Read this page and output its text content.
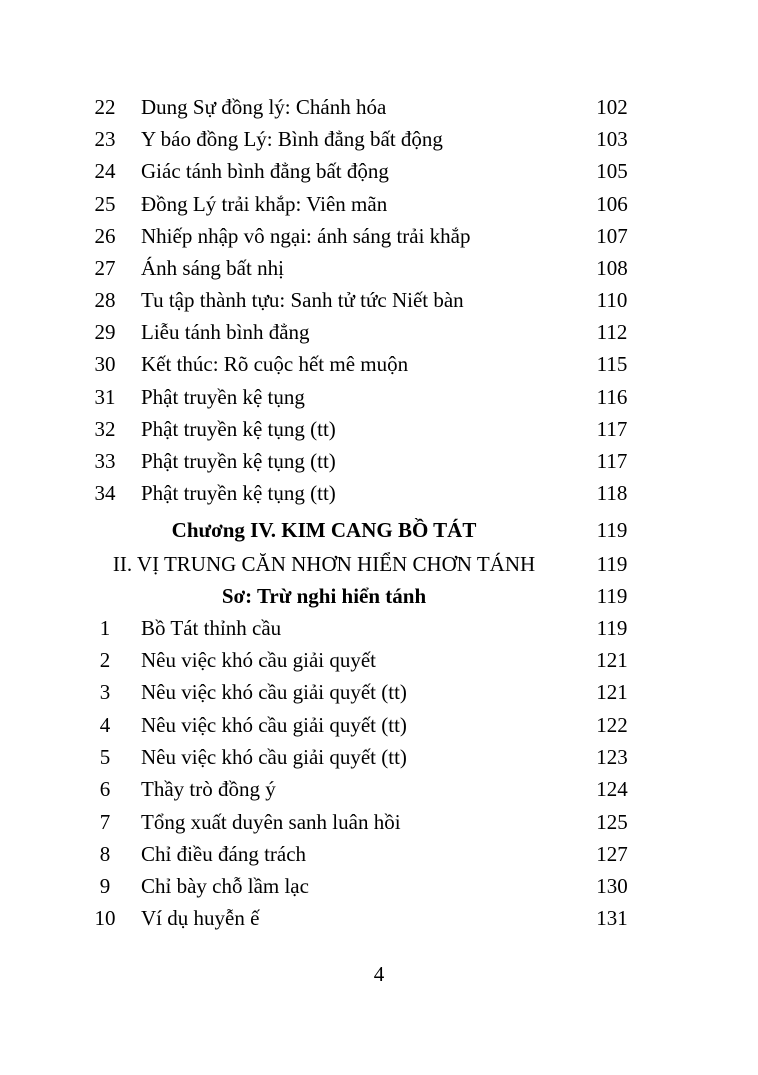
22	Dung Sự đồng lý: Chánh hóa	102
23	Y báo đồng Lý: Bình đẳng bất động	103
24	Giác tánh bình đẳng bất động	105
25	Đồng Lý trải khắp: Viên mãn	106
26	Nhiếp nhập vô ngại: ánh sáng trải khắp	107
27	Ánh sáng bất nhị	108
28	Tu tập thành tựu: Sanh tử tức Niết bàn	110
29	Liễu tánh bình đẳng	112
30	Kết thúc: Rõ cuộc hết mê muộn	115
31	Phật truyền kệ tụng	116
32	Phật truyền kệ tụng (tt)	117
33	Phật truyền kệ tụng (tt)	117
34	Phật truyền kệ tụng (tt)	118
Chương IV. KIM CANG BỒ TÁT	119
II. VỊ TRUNG CĂN NHƠN HIỂN CHƠN TÁNH	119
Sơ: Trừ nghi hiển tánh	119
1	Bồ Tát thỉnh cầu	119
2	Nêu việc khó cầu giải quyết	121
3	Nêu việc khó cầu giải quyết (tt)	121
4	Nêu việc khó cầu giải quyết (tt)	122
5	Nêu việc khó cầu giải quyết (tt)	123
6	Thầy trò đồng ý	124
7	Tổng xuất duyên sanh luân hồi	125
8	Chỉ điều đáng trách	127
9	Chỉ bày chỗ lầm lạc	130
10	Ví dụ huyễn ế	131
4
